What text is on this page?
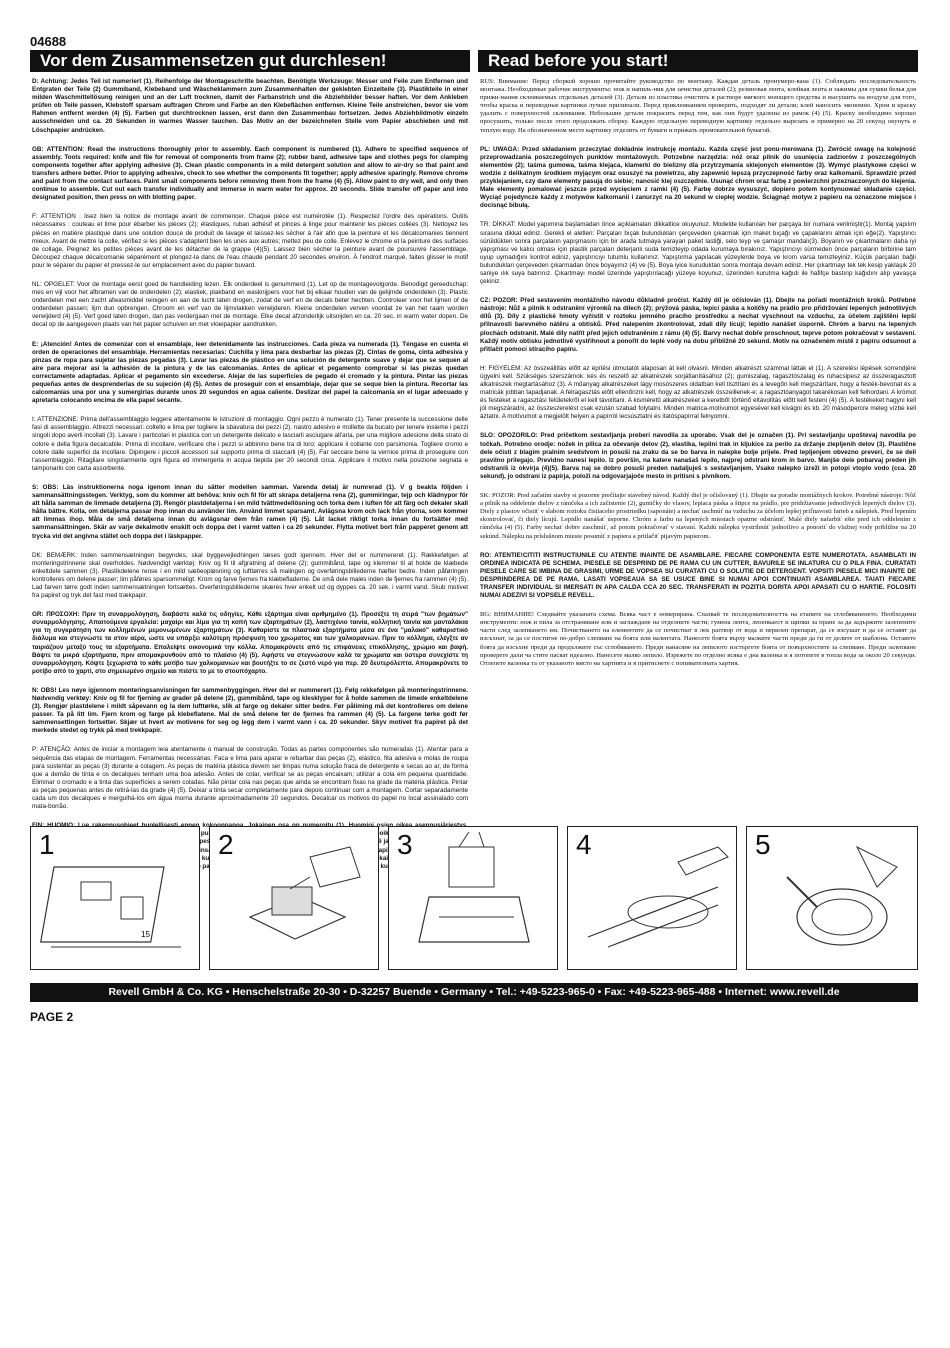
04688
Vor dem Zusammensetzen gut durchlesen!	Read before you start!

D: Achtung: Jedes Teil ist numeriert (1). Reihenfolge der Montageschritte beachten. Benötigte Werkzeuge: Messer und Feile zum Entfernen und Entgraten der Teile (2) Gummiband, Klebeband und Wäscheklammern zum Zusammenhalten der geklebten Einzelteile (3). Plastikteile in einer milden Waschmittellösung reinigen und an der Luft trocknen, damit der Farbanstrich und die Abziehbilder besser haften. Vor dem Ankleben prüfen ob Teile passen, Klebstoff sparsam auftragen Chrom und Farbe an den Klebeflächen entfernen. Kleine Teile anstreichen, bevor sie vom Rahmen entfernt werden (4) (5). Farben gut durchtrocknen lassen, erst dann den Zusammenbau fortsetzen. Jedes Abziehbildmotiv einzeln ausschneiden und ca. 20 Sekunden in warmes Wasser tauchen. Das Motiv an der bezeichneten Stelle vom Papier abschieben und mit Löschpapier andrücken.

GB: ATTENTION: Read the instructions thoroughly prior to assembly. Each component is numbered (1). Adhere to specified sequence of assembly. Tools required: knife and file for removal of components from frame (2); rubber band, adhesive tape and clothes pegs for clamping components together after applying adhesive (3). Clean plastic components in a mild detergent solution and allow to air-dry so that paint and transfers adhere better. Prior to applying adhesive, check to see whether the components fit together; apply adhesive sparingly. Remove chrome and paint from the contact surfaces. Paint small components before removing them from the frame (4) (5). Allow paint to dry well, and only then continue to assemble. Cut out each transfer individually and immerse in warm water for approx. 20 seconds. Slide transfer off paper and into designated position, then press on with blotting paper.

F: ATTENTION : lisez bien la notice de montage avant de commencer. Chaque pièce est numérotée (1). Respectez l'ordre des opérations. Outils nécessaires : couteau et lime pour ébarber les pièces (2); élastiques, ruban adhésif et pinces à linge pour maintenir les pièces collées (3). Nettoyez les pièces en matière plastique dans une solution douce de produit de lavage et laissez-les sécher à l'air afin que la peinture et les décalcomanies tiennent mieux. Avant de mettre la colle, vérifiez si les pièces s'adaptent bien les unes aux autres; mettez peu de colle. Enlevez le chrome et la peinture des surfaces de collage. Peignez les petites pièces avant de les détacher de la grappe (4)(5). Laissez bien sécher la peinture avant de poursuivre l'assemblage. Découpez chaque décalcomanie séparément et plongez-la dans de l'eau chaude pendant 20 secondes environ. À l'endroit marqué, faites glisser le motif pour le séparer du papier et pressez-le sur emplacement avec du papier buvard.

NL: OPGELET: Voor de montage eerst goed de handleiding lezen. Elk onderdeel is genummerd (1). Let op de montagevolgorde. Benodigd gereedschap: mes en vijl voor het afbramen van de onderdelen (2); elastiek, plakband en wasknijpers voor het bij elkaar houden van de gelijmde onderdelen (3). Plastic onderdelen met een zacht afwasmiddel reinigen en aan de lucht laten drogen, zodat de verf en de decals beter hechten. Controleer voor het lijmen of de onderdelen passen; lijm dun opbrengen. Chroom en verf van de lijmvlakken verwijderen. Kleine onderdelen verven voordat ze van het raam worden verwijderd (4) (5). Verf goed laten drogen, dan pas verdergaan met de montage. Elke decal afzonderlijk uitsnijden en ca. 20 sec. in warm water dopen. De decal op de aangegeven plaats van het papier schuiven en met vloeipapier aandrukken.

E: ¡Atención! Antes de comenzar con el ensamblaje, leer detenidamente las instrucciones. Cada pieza va numerada (1). Téngase en cuenta el orden de operaciones del ensamblaje. Herramientas necesarias: Cuchilla y lima para desbarbar las piezas (2). Cintas de goma, cinta adhesiva y pinzas de ropa para sujetar las piezas pegadas (3). Lavar las piezas de plástico en una solución de detergente suave y dejar que se sequen al aire para mejorar así la adhesión de la pintura y de las calcomanías. Antes de aplicar el pegamento comprobar si las piezas quedan correctamente adaptadas. Aplicar el pegamento sin excederse. Alejar de las superficies de pegado el cromado y la pintura. Pintar las piezas pequeñas antes de desprenderlas de su sujeción (4) (5). Antes de proseguir con el ensamblaje, dejar que se seque bien la pintura. Recortar las calcomanías una por una y sumergirlas durante unos 20 segundos en agua caliente. Deslizar del papel la calcomanía en el lugar adecuado y apretarla colocando encima de ella papel secante.

I: ATTENZIONE: Prima dell'assemblaggio leggere attentamente le istruzioni di montaggio. Ogni pezzo è numerato (1). Tener presente la successione delle fasi di assemblaggio. Attrezzi necessari: coltello e lima per togliere la sbavatura dei pezzi (2). nastro adesivo e mollette da bucato per tenere insieme i pezzi singoli dopo averli incollati (3). Lavare i particolari in plastica con un detergente delicato e lasciarli asciugare all'aria, per una migliore adesione della strato di colore e della figura decalcabile. Prima di incollare, verificare che i pezzi si abbinino bene tra di loro; applicare il collante con parsimonia. Togliere cromo e colore dalle superfici da incollare. Dipingere i piccoli accessori sul supporto prima di staccarli (4) (5). Far seccare bene la vernice prima di proseguire con l'assemblaggio. Ritagliare singolarmente ogni figura ed immergerla in acqua tiepida per 20 secondi circa. Applicare il motivo nella posizione segnata e tamponarlo con carta assorbente.

S: OBS: Läs instruktionerna noga igenom innan du sätter modellen samman. Varenda detalj är numrerad (1). V g beakta följden i sammansättningsstegen. Verktyg, som du kommer att behöva: kniv och fil för att skrapa detaljerna rena (2), gummiringar, tejp och klädnypor för att hålla samman de limmade detaljerna (3). Rengör plastdetaljerna i en mild tvättmedellösning och torka dem i luften för att färg och dekaler skall hålla bättre. Kolla, om detaljerna passar ihop innan du använder lim. Använd limmet sparsamt. Avlägsna krom och lack från ytorna, som kommer att limmas ihop. Måla de små detaljerna innan du avlägsnar dem från ramen (4) (5). Låt lacket riktigt torka innan du fortsätter med sammansättningen. Skär av varje dekalmotiv enskilt och doppa det i varmt vatten i ca 20 sekunder. Flytta motivet bort från papperet genom att trycka vid det angivna stället och doppa det i läskpapper.

DK: BEMÆRK: Inden sammensætningen begyndes, skal byggevejledningen læses godt igennem. Hver del er nummereret (1). Rækkefølgen af monteringstrinnene skal overholdes. Nødvendigt værktøj: Kniv og fil til afgratning af delene (2); gummibånd, tape og klemmer til at holde de klæbede enkeltdele sammen (3). Plastikdelene rense i en mild sæbeopløsning og lufttørres så malingen og overføringsbillederne hæfter bedre. Inden påføringen kontrolleres om delene passer; lim påføres sparsommeligt. Krom og farve fjernes fra klæbefladerne. De små dele males inden de fjernes fra rammen (4) (5). Lad farven tørre godt inden sammensætningen fortsættes. Overføringsbillederne skæres hver enkelt ud og dyppes ca. 20 sek. i varmt vand. Skub motivet fra papiret og tryk det fast med trækpapir.

GR: ΠΡΟΣΟΧΗ: Πριν τη συναρμολόγηση, διαβάστε καλά τις οδηγίες. Κάθε εξάρτημα είναι αριθμημένο (1). Προσέξτε τη σειρά "των βημάτων" συναρμολόγησης. Απαιτούμενα εργαλεία: μαχαίρι και λίμα για τη κοπή των εξαρτημάτων (2), λαστιχένιο ταινία, κολλητική ταινία και μανταλάκια για τη συγκράτηση των κολλημένων μεμονωμένων εξαρτημάτων (3). Καθαρίστε τα πλαστικά εξαρτήματα μέσα σε ένα "μαλακό" καθαριστικό διάλυμα και στεγνώστε τα στον αέρα, ώστε να υπάρξει καλύτερη πρόσφυση του χρώματος και των χαλκομανιών. Πριν το κόλλημα, ελέγξτε αν ταιριάζουν μεταξύ τους τα εξαρτήματα. Επαλείψτε οικονομικά την κόλλα. Απομακρύνετε από τις επιφάνειες επικόλλησης, χρώμιο και βαφή. Βάψτε τα μικρά εξαρτήματα, πριν απομακρυνθούν από το πλαίσιο (4) (5). Αφήστε να στεγνώσουν καλά τα χρώματα και ύστερα συνεχίστε τη συναρμολόγηση. Κόψτε ξεχωριστά το κάθε μοτίβο των χαλκομανιών και βουτήξτε το σε ζεστό νερό για περ. 20 δευτερόλεπτα. Απομακρύνετε το μοτίβο από το χαρτί, στο σημειωμένο σημείο και πιέστε το με το στουπόχαρτο.

N: OBS! Les nøye igjennom monteringsanvisningen før sammenbyggingen. Hver del er nummerert (1). Følg rekkefølgen på monteringstrinnene. Nødvendig verktøy: Kniv og fil for fjerning av grader på delene (2), gummibånd, tape og klesklyper for å holde sammen de limede enkeltdelene (3). Rengjør plastdelene i mildt såpevann og la dem lufttørke, slik at farge og dekaler sitter bedre. Før påliming må det kontrolleres om delene passer. Ta på litt lim. Fjern krom og farge på klebeflatene. Mal de små delene før de fjernes fra rammen (4) (5). La fargene tørke godt før sammensettingen fortsetter. Skjær ut hvert av motivene for seg og legg dem i varmt vann i ca. 20 sekunder. Skyv motivet fra papiret på det merkede stedet og trykk på med trekkpapir.

P: ATENÇÃO: Antes de iniciar a montagem leia atentamente o manual de construção. Todas as partes componentes são numeradas (1). Atentar para a sequência das etapas de montagem. Ferramentas necessárias: Faca e lima para aparar e rebarbar das peças (2), elástico, fita adesiva e molas de roupa para sustentar as peças (3) durante a colagem. As peças de matéria plástica devem ser limpas numa solução fraca de detergente e secas ao ar, de forma que a demão de tinta e os decalques tenham uma boa adesão. Antes de colar, verificar se as peças encaixam; utilizar a cola em pequena quantidade. Eliminar o cromado e a tinta das superfícies a serem coladas. Não pintar cola nas peças que ainda se encontram fixas na grade da matéria plástica. Pintar as peças pequenas antes de retirá-las da grade (4) (5). Deixar a tinta secar completamente para depois continuar com a montagem. Cortar separadamente cada um dos decalques e mergulhá-los em água morna durante aproximadamente 20 segundos. Decalcar os motivos do papel no local assinalado com mata-borrão.

osien ja jokainen

RUS: Внимание: Перед сборкой хорошо прочитайте руководство по монтажу. Каждая деталь пронумеро-вана (1). Соблюдать последовательность монтажа. Необходимые рабочие инструменты: нож и напиль-ник для зачистки деталей (2); резиновая лента, клейкая лента и зажимы для сушки белья для прижи-мания склеиваемых отдельных деталей (3). Детали из пластика очистить в растворе мягкого моющего средства и высушить на воздухе для того, чтобы краска и переводные картинки лучше прилипали. Перед приклеиванием проверить, подходят ли детали; клей наносить экономно. Хром и краску удалить с поверхностей склеивания. Небольшие детали покрасить перед тем, как они будут удалены из рамок (4) (5). Краску необходимо хорошо просушить, только после этого продолжать сборку. Каждую отдельную переводную картинку отдельно вырезать и примерно на 20 секунд окунуть в теплую воду. На обозначенном месте картинку отделить от бумаги и прижать промокательной бумагой.

PL: UWAGA: Przed składaniem przeczytać dokładnie instrukcję montażu. Każda część jest ponu-merowana (1). Zwrócić uwagę na kolejność przeprowadzania poszczególnych punktów montażowych. Potrzebne narzędzia: nóż oraz pilnik do usunięcia zadziorów z poszczególnych elementów (2); taśma gumowa, taśma klejąca, klamerki do bielizny dla przytrzymania sklejonych elementów (3). Wymyć plastykowe części w wodzie z delikatnym środkiem myjącym oraz osuszyć na powietrzu, aby zapewnić lepszą przyczepność farby oraz kalkomanii. Sprawdzić przed przyklejaniem, czy dane elementy pasują do siebie; nanosić klej oszczędnie. Usunąć chrom oraz farbę z powierzchni przeznaczonych do klejenia. Małe elementy pomalować jeszcze przed wycięciem z ramki (4) (5). Farbę dobrze wysuszyć, dopiero potem kontynuować składanie części. Wyciąć pojedyncze każdy z motywów kalkomanii i zanurzyć na 20 sekund w ciepłej wodzie. Ściągnąć motyw z papieru na oznaczone miejsce i docisnąć bibułą.

TR: DİKKAT: Model yapımına başlamadan önce açıklamaları dikkatlice okuyunuz. Modelde kullanılan her parçaya bir numara verilmiştir(1). Montaj yapılım sırasına dikkat ediniz. Gerekli el aletleri: Parçaları bıçak bulundukları çerçeveden çıkarmak için maket bıçağı ve çapaklarını almak için eğe(2). Yapıştırıcı sürüldükten sonra parçaların yapışmasını için bir arada tutmaya yarayan paket lastiği, selo teyp ve çamaşır mandalı(3). Boyanın ve çıkartmaların daha iyi yapışması ve kalıcı olması için plastik parçaları deterjanlı suda temizleyip odada kurumaya bırakınız. Yapıştırıcıyı sürmeden önce parçaların birbirine tam uyup uymadığını kontrol ediniz, yapıştırıcıyı tutumlu kullanınız. Yapıştırma yapılacak yüzeylerde boya ve krom varsa temizleyiniz. Küçük parçaları bağlı bulundukları çerçeveden çıkarmadan önce boyayınız (4) ve (5). Boya iyice kuruduktan sonra montaja devam ediniz. Her çıkartmayı tek tek kesip yaklaşık 20 saniye ılık suya batırınız. Çıkartmayı model üzerinde yapıştırılacağı yüzeye koyunuz, üzerinden kurutma kağıdı ile hafifçe bastırıp kağıdını alıp yavaşça çekiniz.

CZ: POZOR: Před sestavením montážního návodu důkladně pročíst. Každý díl je očíslován (1). Dbejte na pořadí montážních kroků. Potřebné nástroje: Nůž a pilník k odstranění výronků na dílech (2); prýžová páska, lepicí páska a kolíčky na prádlo pro přidržování lepených jednotlivých dílů (3). Díly z plastické hmoty vyčistit v roztoku jemného pracího prostředku a nechat vyschnout na vzduchu, za účelem zajištění lepší přilnavosti barevného nátěru a obtisků. Před nalepením zkontrolovat, zdali díly lícují; lepidlo nanášet úsporně. Chróm a barvu na lepených plochách odstranit. Malé díly natřít před jejich odstraněním z rámu (4) (5). Barvy nechat dobře proschnout, teprve potom pokračovat v sestavení. Každý motiv obtisku jednotlivě vystřihnout a ponořit do teplé vody na dobu přibližně 20 sekund. Motiv na označeném místě z papíru odsunout a přitlačit pomocí stíracího papíru.

H: FIGYELEM: Az összeállítás előtt az építési útmutatót alaposan át kell olvasni. Minden alkatrészt számmal láttak el (1). A szerelési lépések sorrendjére ügyelni kell. Szükséges szerszámok: kés és reszelő az alkatrészek sorjátlanításához (2); gumiszalag, ragasztószalag és ruhacsipesz az összeragasztott alkatrészek megtartásához (3). A műanyag alkatrészeket lágy mosószeres oldatban kell tisztítani és a levegőn kell megszárítani, hogy a festék-bevonat és a matricák jobban tapadjanak. A felragasztás előtt ellenőrizni kell, hogy az alkatrészek összeillenek-e; a ragasztóanyagot takarékosan kell felhordani. A krómot és festéket a ragasztási felületekről el kell távolítani. A kisméretű alkatrészeket a keretből történő eltávolítás előtt kell festeni (4) (5). A festékeket hagyni kell jól megszáradni, az összeszerelést csak ezután szabad folytatni. Minden matrica-motívumot egyesével kell kivágni és kb. 20 másodpercre meleg vízbe kell áztatni. A motívumot a megjelölt helyen a papírról lecsúsztatni és itatóspapírral felnyomni.

SLO: OPOZORILO: Pred pričetkom sestavljanja preberi navodila za uporabo. Vsak del je označen (1). Pri sestavljanju upoštevaj navodila po točkah. Potrebno orodje: nožek in pilica za očevanje delov (2), elastika, lepilni trak in kljukice za perilo za držanje zlepljenih delov (3). Plastične dele očisti z blagim pralnim sredstvom in posuši na zraku da se bo barva in nalepke bolje prijele. Pred lepljenjem obvezno preveri, če se deli pravilno prilegajo. Previdno nanesi lepilo. Iz površin, na katere nanašaš lepilo, najprej odstrani krom in barvo. Manjše dele pobarvaj preden jih odstraniš iz okvirja (4)(5). Barva naj se dobro posuši preden nadaljuješ s sestavljanjem. Vsako nalepko izreži in potopi vtoplo vodo (cca. 20 sekund), jo odstrani iz papirja, položi na odgovarjajoče mesto in pritisni s pivnikom.

SK: POZOR: Pred začatím stavby si pozorne prečítajte stavebný návod. Každý diel je očíslovaný (1). Dbajte na poradie montážnych krokov. Potrebné nástroje: Nôž a pilník na oddelenie dielov z rámčeka a ich začistenie (2), gumičky do vlasov, lepiaca páska a štipce na prádlo, pre pridržiavanie jednotlivých lepených dielov (3). Diely z plastov očistiť v slabom roztoku čistiaceho prostriedku (saponáte) a nechať uschnúť na vzduchu za účelom lepšej priľnavosti farieb a nálepiek. Pred lepením skontrolovať, či diely lícujú. Lepidlo nanášať úsporne. Chróm a farbu na lepených miestach opatrne odstrániť. Malé diely nafarbiť ešte pred ich oddelením z rámčeka (4) (5). Farby nechať dobre zaschnúť, až potom pokračovať v stavaní. Každú nálepku vystrihnúť jednotlivo a ponoriť do vlažnej vody približne na 20 sekúnd. Nálepku na príslušnom mieste posunúť z papiera a pritlačiť pijavým papierom.

RO: ATENTIE!CITITI INSTRUCTIUNILE CU ATENTIE INAINTE DE ASAMBLARE. FIECARE COMPONENTA ESTE NUMEROTATA. ASAMBLATI IN ORDINEA INDICATA PE SCHEMA. PIESELE SE DESPRIND DE PE RAMA CU UN CUTTER, BAVURILE SE INLATURA CU O PILA FINA. CURATATI PIESELE CARE SE IMBINA DE GRASIMI, URME DE VOPSEA SU CURATATI CU O SOLUTIE DE DETERGENT. VOPSITI PIESELE MICI INAINTE DE DESPRINDEREA DE PE RAMA. LASATI VOPSEAUA SA SE USUCE BINE SI NUMAI APOI CONTINUATI ASAMBLAREA. TAIATI FIECARE TRANSFER INDIVIDUAL SI IMERSATI IN APA CALDA CCA 20 SEC. TRANSFERATI IN POZITIA DORITA APOI APASATI CU O HARTIE. FOLOSITI NUMAI ADEZIVI SI VOPSELE REVELL.

BG: ВНИМАНИЕ! Следвайте указаната схема. Всяка част е номерирана. Спазвай те последователността на етапите на сглобяваненето. Необходими инструменти: нож и пила за отстраняване или и заглаждане на отделните части; гумена лента, лепенкаест и щипки за пране за да задържите залепените части след залепването им. Почистването на елементите да се почистват в лек разтвор от вода и перилен препарат, да се изсушат и да се оставят да изсъхнат, за да се постигне по-добро слепване на боята или валентата. Нанесете боята върху малките части преди да ги от делите от шаблона. Оставете боята да изсъхне преди да продължите със сглобяването. Преди нанасяне на лепилото изстъргете боята от повърхностите за слепване. Преди залепване проверете дали ча стите пасват идеално. Нанесете малко лепило. Изрежете по отделно всяка е дна валенка и я потопете в топла вода за около 20 секунди. Отлепете валенка та от указаното място на хартията и я притиснете с попивателната хартия.

15
1	2	3	4	5
Revell GmbH & Co. KG • Henschelstraße 20-30 • D-32257 Buende • Germany • Tel.: +49-5223-965-0 • Fax: +49-5223-965-488 • Internet: www.revell.de
PAGE 2
